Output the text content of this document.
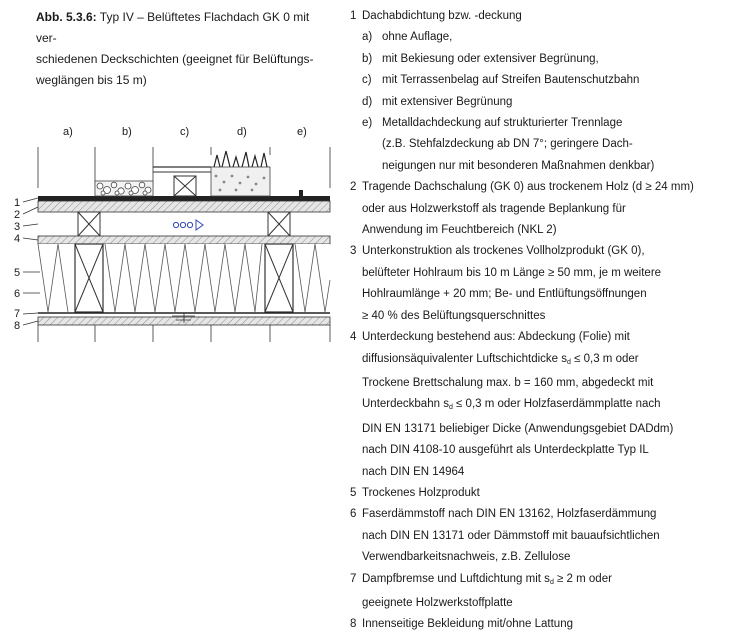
Abb. 5.3.6: Typ IV – Belüftetes Flachdach GK 0 mit ver-
schiedenen Deckschichten (geeignet für Belüftungs-
weglängen bis 15 m)
a)	b)	c)	d)	e)
1
2
3
4
5
6
7
8
1 Dachabdichtung bzw. -deckung
a) ohne Auflage,
b) mit Bekiesung oder extensiver Begrünung,
c) mit Terrassenbelag auf Streifen Bautenschutzbahn
d) mit extensiver Begrünung
e) Metalldachdeckung auf strukturierter Trennlage
(z.B. Stehfalzdeckung ab DN 7°; geringere Dach-
neigungen nur mit besonderen Maßnahmen denkbar)
2 Tragende Dachschalung (GK 0) aus trockenem Holz (d ≥ 24 mm)
oder aus Holzwerkstoff als tragende Beplankung für
Anwendung im Feuchtbereich (NKL 2)
3 Unterkonstruktion als trockenes Vollholzprodukt (GK 0),
belüfteter Hohlraum bis 10 m Länge ≥ 50 mm, je m weitere
Hohlraumlänge + 20 mm; Be- und Entlüftungsöffnungen
≥ 40 % des Belüftungsquerschnittes
4 Unterdeckung bestehend aus: Abdeckung (Folie) mit
diffusionsäquivalenter Luftschichtdicke $s_d \le 0,3$ m oder
Trockene Brettschalung max. b = 160 mm, abgedeckt mit
Unterdeckbahn $s_d \le 0,3$ m oder Holzfaserdämmplatte nach
DIN EN 13171 beliebiger Dicke (Anwendungsgebiet DADdm)
nach DIN 4108-10 ausgeführt als Unterdeckplatte Typ IL
nach DIN EN 14964
5 Trockenes Holzprodukt
6 Faserdämmstoff nach DIN EN 13162, Holzfaserdämmung
nach DIN EN 13171 oder Dämmstoff mit bauaufsichtlichen
Verwendbarkeitsnachweis, z.B. Zellulose
7 Dampfbremse und Luftdichtung mit $s_d \ge 2$ m oder
geeignete Holzwerkstoffplatte
8 Innenseitige Bekleidung mit/ohne Lattung
